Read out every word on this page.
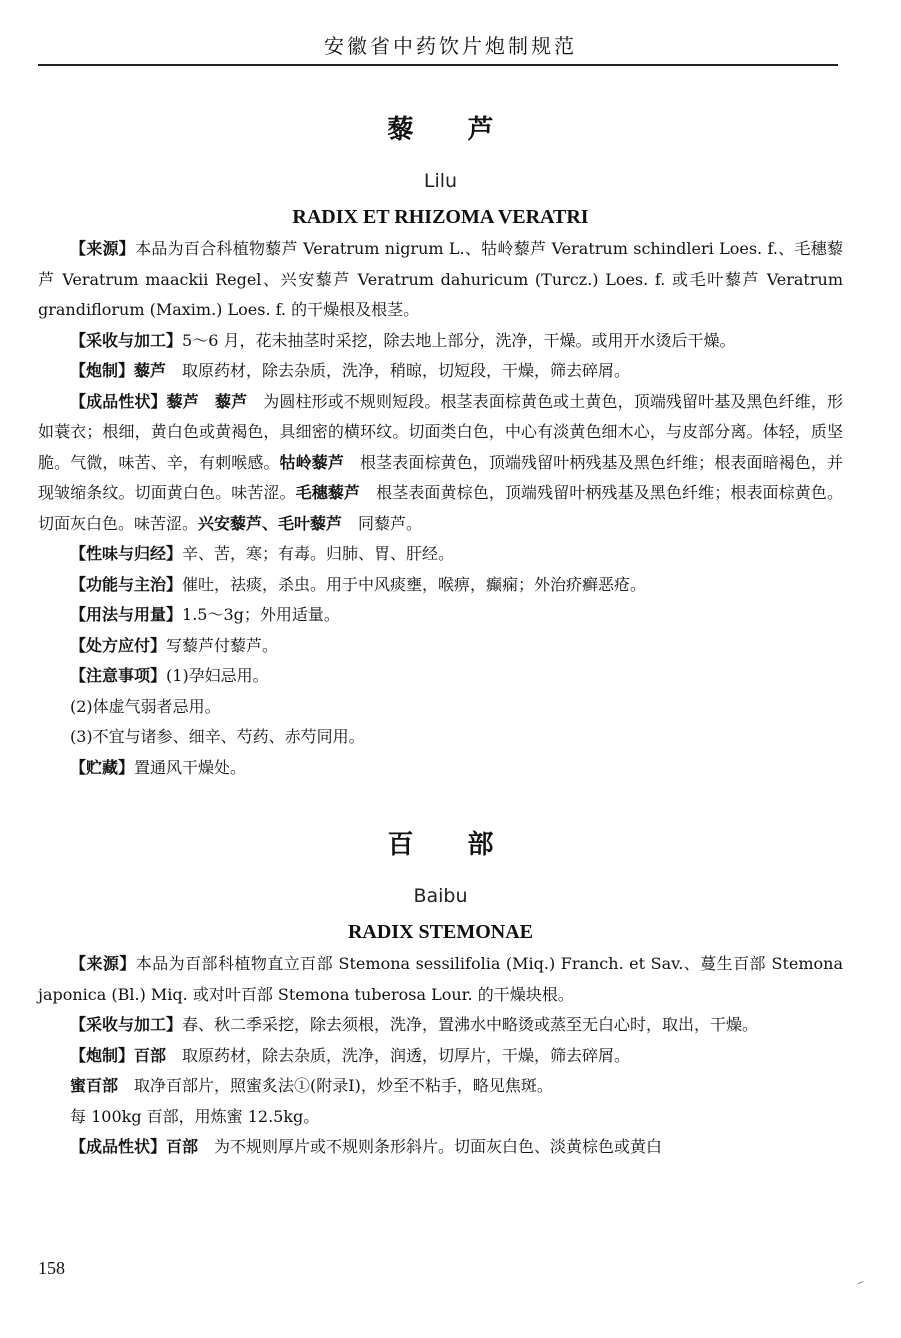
安徽省中药饮片炮制规范
藜芦
Lilu
RADIX ET RHIZOMA VERATRI

【来源】本品为百合科植物藜芦 Veratrum nigrum L.、牯岭藜芦 Veratrum schindleri Loes. f.、毛穗藜芦 Veratrum maackii Regel、兴安藜芦 Veratrum dahuricum (Turcz.) Loes. f. 或毛叶藜芦 Veratrum grandiflorum (Maxim.) Loes. f. 的干燥根及根茎。

【采收与加工】5～6 月，花未抽茎时采挖，除去地上部分，洗净，干燥。或用开水烫后干燥。

【炮制】藜芦  取原药材，除去杂质，洗净，稍晾，切短段，干燥，筛去碎屑。

【成品性状】藜芦  藜芦  为圆柱形或不规则短段。根茎表面棕黄色或土黄色，顶端残留叶基及黑色纤维，形如蓑衣；根细，黄白色或黄褐色，具细密的横环纹。切面类白色，中心有淡黄色细木心，与皮部分离。体轻，质坚脆。气微，味苦、辛，有刺喉感。牯岭藜芦  根茎表面棕黄色，顶端残留叶柄残基及黑色纤维；根表面暗褐色，并现皱缩条纹。切面黄白色。味苦涩。毛穗藜芦  根茎表面黄棕色，顶端残留叶柄残基及黑色纤维；根表面棕黄色。切面灰白色。味苦涩。兴安藜芦、毛叶藜芦  同藜芦。

【性味与归经】辛、苦，寒；有毒。归肺、胃、肝经。

【功能与主治】催吐，祛痰，杀虫。用于中风痰壅，喉痹，癫痫；外治疥癣恶疮。

【用法与用量】1.5～3g；外用适量。

【处方应付】写藜芦付藜芦。

【注意事项】(1)孕妇忌用。

(2)体虚气弱者忌用。

(3)不宜与诸参、细辛、芍药、赤芍同用。

【贮藏】置通风干燥处。

百部
Baibu
RADIX STEMONAE

【来源】本品为百部科植物直立百部 Stemona sessilifolia (Miq.) Franch. et Sav.、蔓生百部 Stemona japonica (Bl.) Miq. 或对叶百部 Stemona tuberosa Lour. 的干燥块根。

【采收与加工】春、秋二季采挖，除去须根，洗净，置沸水中略烫或蒸至无白心时，取出，干燥。

【炮制】百部  取原药材，除去杂质，洗净，润透，切厚片，干燥，筛去碎屑。

蜜百部  取净百部片，照蜜炙法①(附录Ⅰ)，炒至不粘手，略见焦斑。

每 100kg 百部，用炼蜜 12.5kg。

【成品性状】百部  为不规则厚片或不规则条形斜片。切面灰白色、淡黄棕色或黄白

158
